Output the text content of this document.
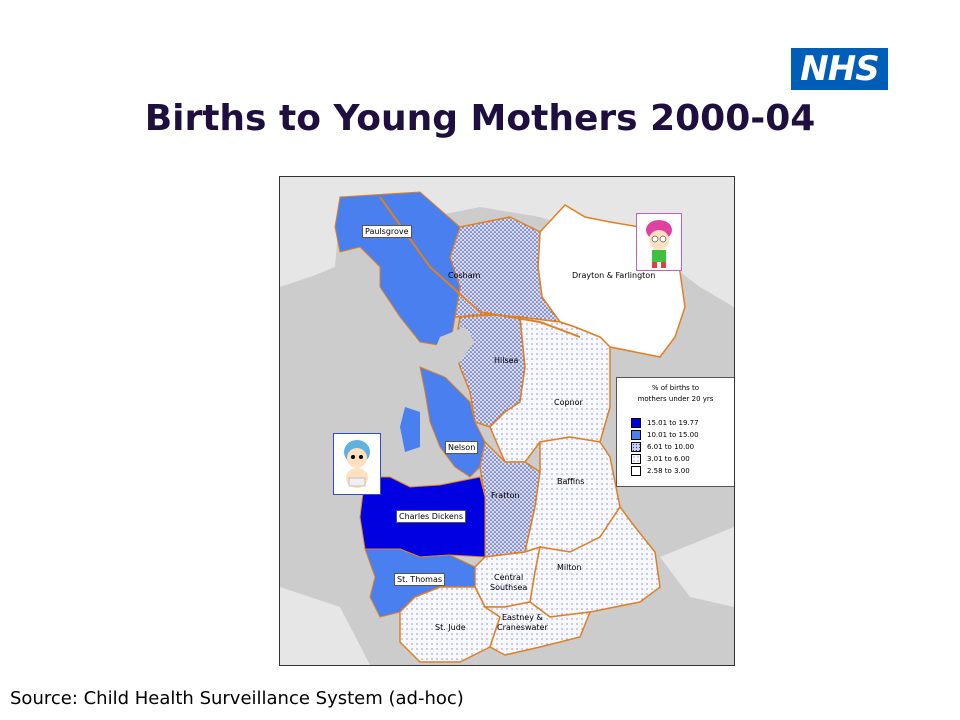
NHS
Births to Young Mothers 2000-04
Paulsgrove
Cosham	Drayton & Farlington
Hilsea
Copnor
Nelson
Baffins
Fratton
Charles Dickens
Milton
Central
Southsea
St. Thomas
St. Jude
Eastney &
Craneswater
% of births to
mothers under 20 yrs
15.01 to 19.77
10.01 to 15.00
6.01 to 10.00
3.01 to 6.00
2.58 to 3.00
Source: Child Health Surveillance System (ad-hoc)
